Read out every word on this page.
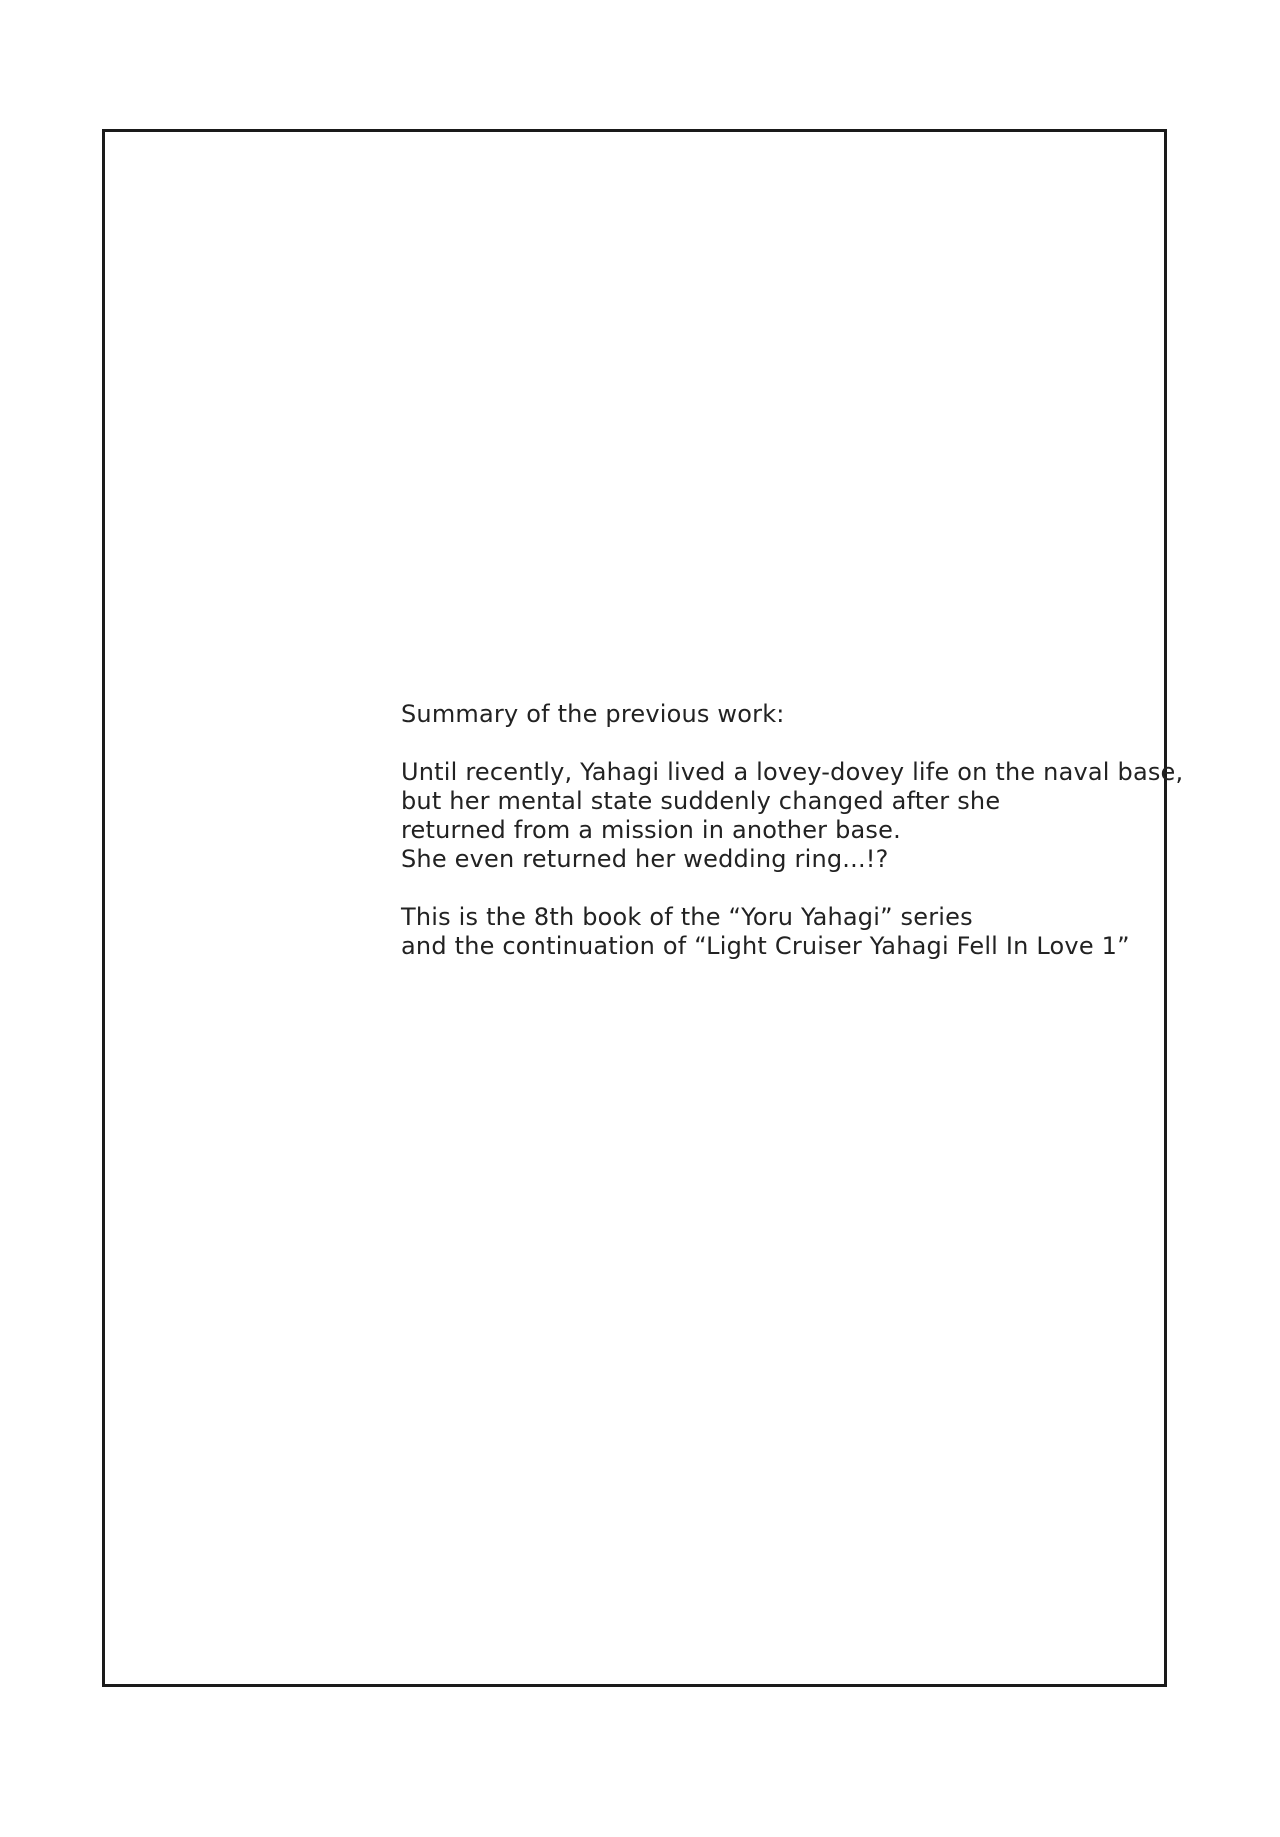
Summary of the previous work:
Until recently, Yahagi lived a lovey-dovey life on the naval base,
but her mental state suddenly changed after she
returned from a mission in another base.
She even returned her wedding ring...!?
This is the 8th book of the “Yoru Yahagi” series
and the continuation of “Light Cruiser Yahagi Fell In Love 1”
